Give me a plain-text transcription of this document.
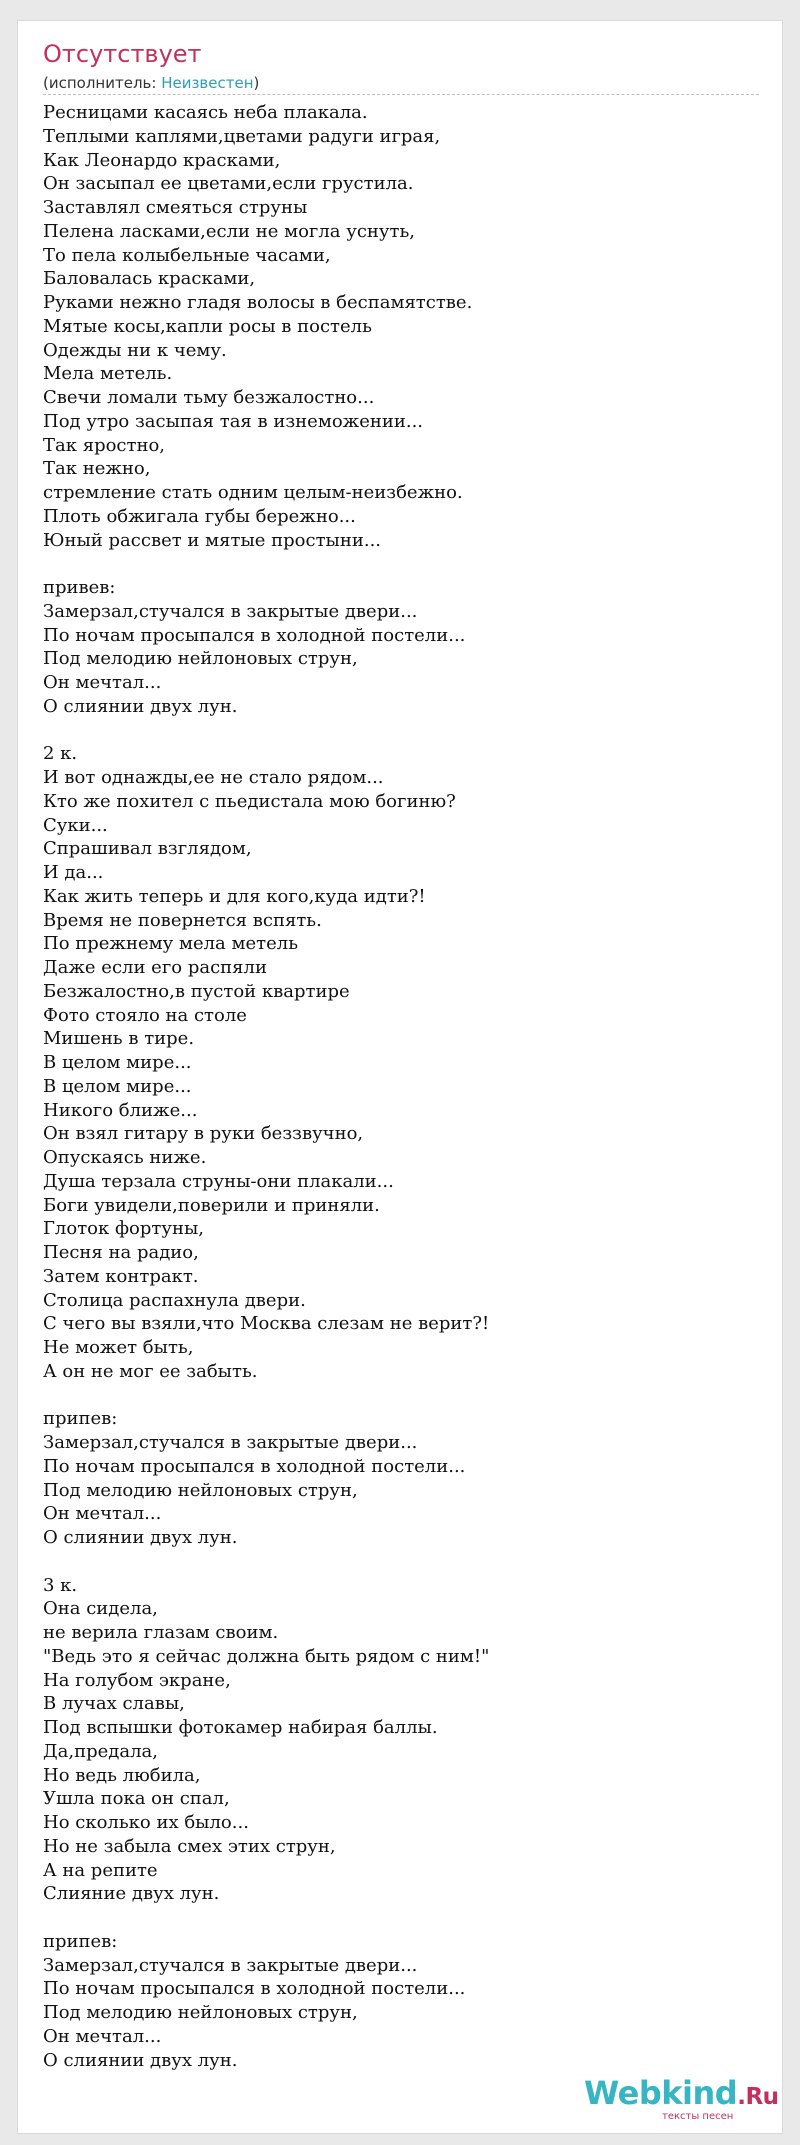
Отсутствует
(исполнитель: Неизвестен)
Ресницами касаясь неба плакала.
Теплыми каплями,цветами радуги играя,
Как Леонардо красками,
Он засыпал ее цветами,если грустила.
Заставлял смеяться струны
Пелена ласками,если не могла уснуть,
То пела колыбельные часами,
Баловалась красками,
Руками нежно гладя волосы в беспамятстве.
Мятые косы,капли росы в постель
Одежды ни к чему.
Мела метель.
Свечи ломали тьму безжалостно...
Под утро засыпая тая в изнеможении...
Так яростно,
Так нежно,
стремление стать одним целым-неизбежно.
Плоть обжигала губы бережно...
Юный рассвет и мятые простыни...
привев:
Замерзал,стучался в закрытые двери...
По ночам просыпался в холодной постели...
Под мелодию нейлоновых струн,
Он мечтал...
О слиянии двух лун.
2 к.
И вот однажды,ее не стало рядом...
Кто же похител с пьедистала мою богиню?
Суки...
Спрашивал взглядом,
И да...
Как жить теперь и для кого,куда идти?!
Время не повернется вспять.
По прежнему мела метель
Даже если его распяли
Безжалостно,в пустой квартире
Фото стояло на столе
Мишень в тире.
В целом мире...
В целом мире...
Никого ближе...
Он взял гитару в руки беззвучно,
Опускаясь ниже.
Душа терзала струны-они плакали...
Боги увидели,поверили и приняли.
Глоток фортуны,
Песня на радио,
Затем контракт.
Столица распахнула двери.
С чего вы взяли,что Москва слезам не верит?!
Не может быть,
А он не мог ее забыть.
припев:
Замерзал,стучался в закрытые двери...
По ночам просыпался в холодной постели...
Под мелодию нейлоновых струн,
Он мечтал...
О слиянии двух лун.
3 к.
Она сидела,
не верила глазам своим.
"Ведь это я сейчас должна быть рядом с ним!"
На голубом экране,
В лучах славы,
Под вспышки фотокамер набирая баллы.
Да,предала,
Но ведь любила,
Ушла пока он спал,
Но сколько их было...
Но не забыла смех этих струн,
А на репите
Слияние двух лун.
припев:
Замерзал,стучался в закрытые двери...
По ночам просыпался в холодной постели...
Под мелодию нейлоновых струн,
Он мечтал...
О слиянии двух лун.
Webkind.Ru
тексты песен
